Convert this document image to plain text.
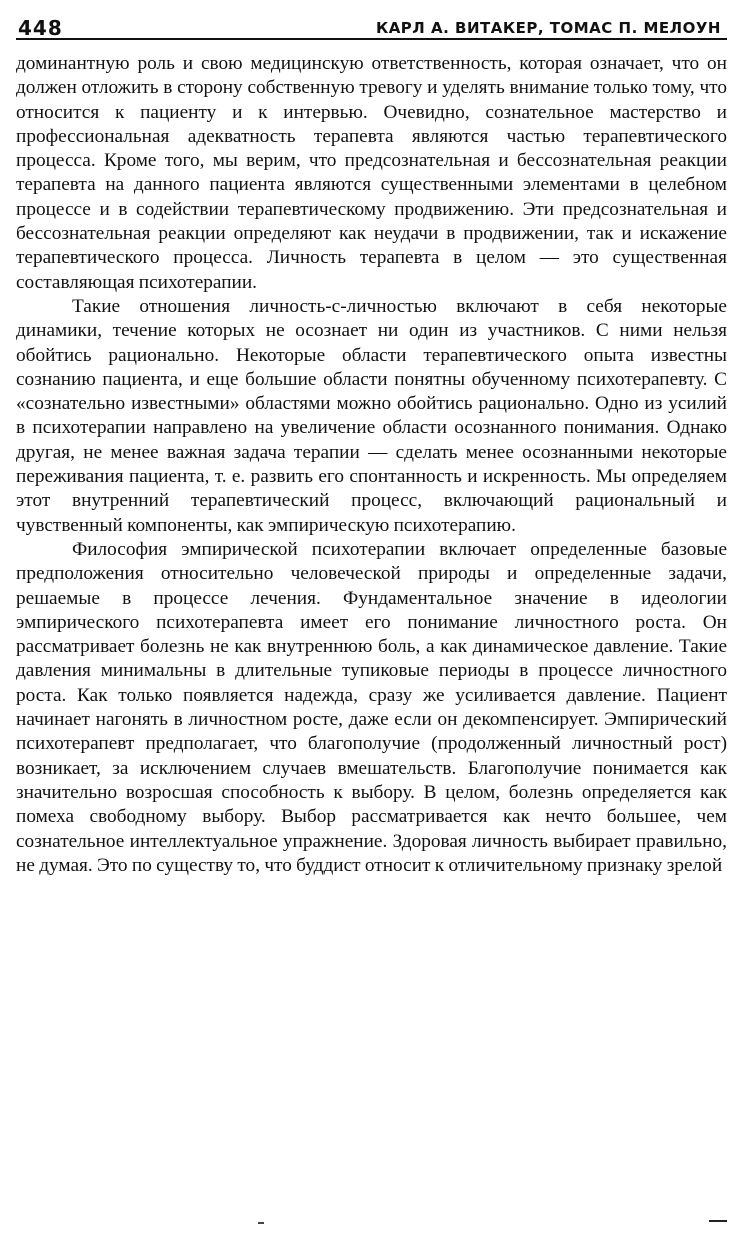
448	КАРЛ А. ВИТАКЕР, ТОМАС П. МЕЛОУН

доминантную роль и свою медицинскую ответственность, которая означает, что он должен отложить в сторону собственную тревогу и уделять внимание только тому, что относится к пациенту и к интервью. Очевидно, сознательное мастерство и профессиональная адекватность терапевта являются частью терапевтического процесса. Кроме того, мы верим, что предсознательная и бессознательная реакции терапевта на данного пациента являются существенными элементами в целебном процессе и в содействии терапевтическому продвижению. Эти предсознательная и бессознательная реакции определяют как неудачи в продвижении, так и искажение терапевтического процесса. Личность терапевта в целом — это существенная составляющая психотерапии.

Такие отношения личность-с-личностью включают в себя некоторые динамики, течение которых не осознает ни один из участников. С ними нельзя обойтись рационально. Некоторые области терапевтического опыта известны сознанию пациента, и еще большие области понятны обученному психотерапевту. С «сознательно известными» областями можно обойтись рационально. Одно из усилий в психотерапии направлено на увеличение области осознанного понимания. Однако другая, не менее важная задача терапии — сделать менее осознанными некоторые переживания пациента, т. е. развить его спонтанность и искренность. Мы определяем этот внутренний терапевтический процесс, включающий рациональный и чувственный компоненты, как эмпирическую психотерапию.

Философия эмпирической психотерапии включает определенные базовые предположения относительно человеческой природы и определенные задачи, решаемые в процессе лечения. Фундаментальное значение в идеологии эмпирического психотерапевта имеет его понимание личностного роста. Он рассматривает болезнь не как внутреннюю боль, а как динамическое давление. Такие давления минимальны в длительные тупиковые периоды в процессе личностного роста. Как только появляется надежда, сразу же усиливается давление. Пациент начинает нагонять в личностном росте, даже если он декомпенсирует. Эмпирический психотерапевт предполагает, что благополучие (продолженный личностный рост) возникает, за исключением случаев вмешательств. Благополучие понимается как значительно возросшая способность к выбору. В целом, болезнь определяется как помеха свободному выбору. Выбор рассматривается как нечто большее, чем сознательное интеллектуальное упражнение. Здоровая личность выбирает правильно, не думая. Это по существу то, что буддист относит к отличительному признаку зрелой
